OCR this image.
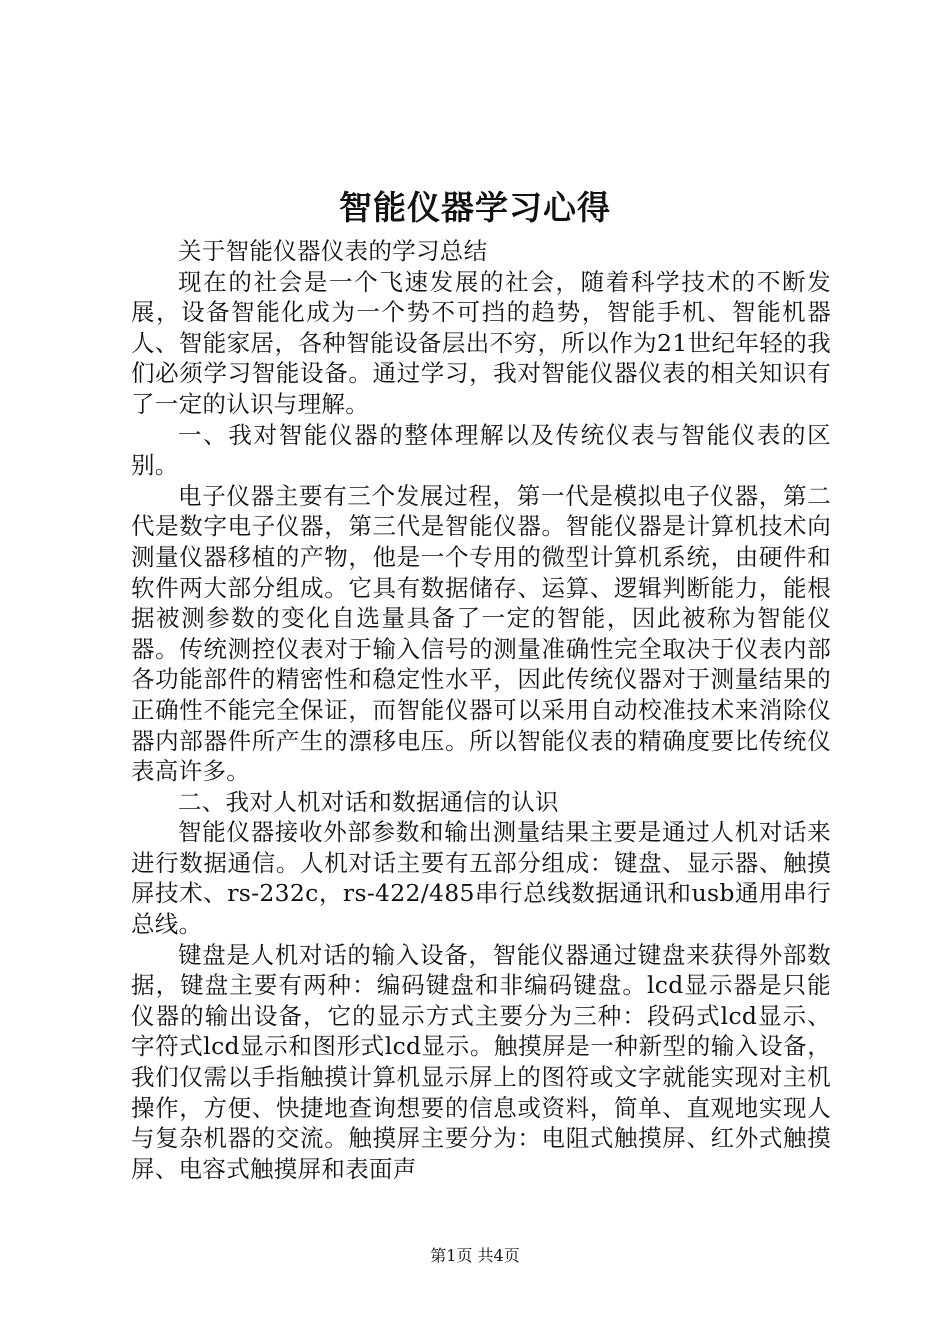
智能仪器学习心得

关于智能仪器仪表的学习总结

现在的社会是一个飞速发展的社会，随着科学技术的不断发展，设备智能化成为一个势不可挡的趋势，智能手机、智能机器人、智能家居，各种智能设备层出不穷，所以作为21世纪年轻的我们必须学习智能设备。通过学习，我对智能仪器仪表的相关知识有了一定的认识与理解。

一、我对智能仪器的整体理解以及传统仪表与智能仪表的区别。

电子仪器主要有三个发展过程，第一代是模拟电子仪器，第二代是数字电子仪器，第三代是智能仪器。智能仪器是计算机技术向测量仪器移植的产物，他是一个专用的微型计算机系统，由硬件和软件两大部分组成。它具有数据储存、运算、逻辑判断能力，能根据被测参数的变化自选量具备了一定的智能，因此被称为智能仪器。传统测控仪表对于输入信号的测量准确性完全取决于仪表内部各功能部件的精密性和稳定性水平，因此传统仪器对于测量结果的正确性不能完全保证，而智能仪器可以采用自动校准技术来消除仪器内部器件所产生的漂移电压。所以智能仪表的精确度要比传统仪表高许多。

二、我对人机对话和数据通信的认识

智能仪器接收外部参数和输出测量结果主要是通过人机对话来进行数据通信。人机对话主要有五部分组成：键盘、显示器、触摸屏技术、rs-232c，rs-422/485串行总线数据通讯和usb通用串行总线。

键盘是人机对话的输入设备，智能仪器通过键盘来获得外部数据，键盘主要有两种：编码键盘和非编码键盘。lcd显示器是只能仪器的输出设备，它的显示方式主要分为三种：段码式lcd显示、字符式lcd显示和图形式lcd显示。触摸屏是一种新型的输入设备，我们仅需以手指触摸计算机显示屏上的图符或文字就能实现对主机操作，方便、快捷地查询想要的信息或资料，简单、直观地实现人与复杂机器的交流。触摸屏主要分为：电阻式触摸屏、红外式触摸屏、电容式触摸屏和表面声

第1页 共4页
